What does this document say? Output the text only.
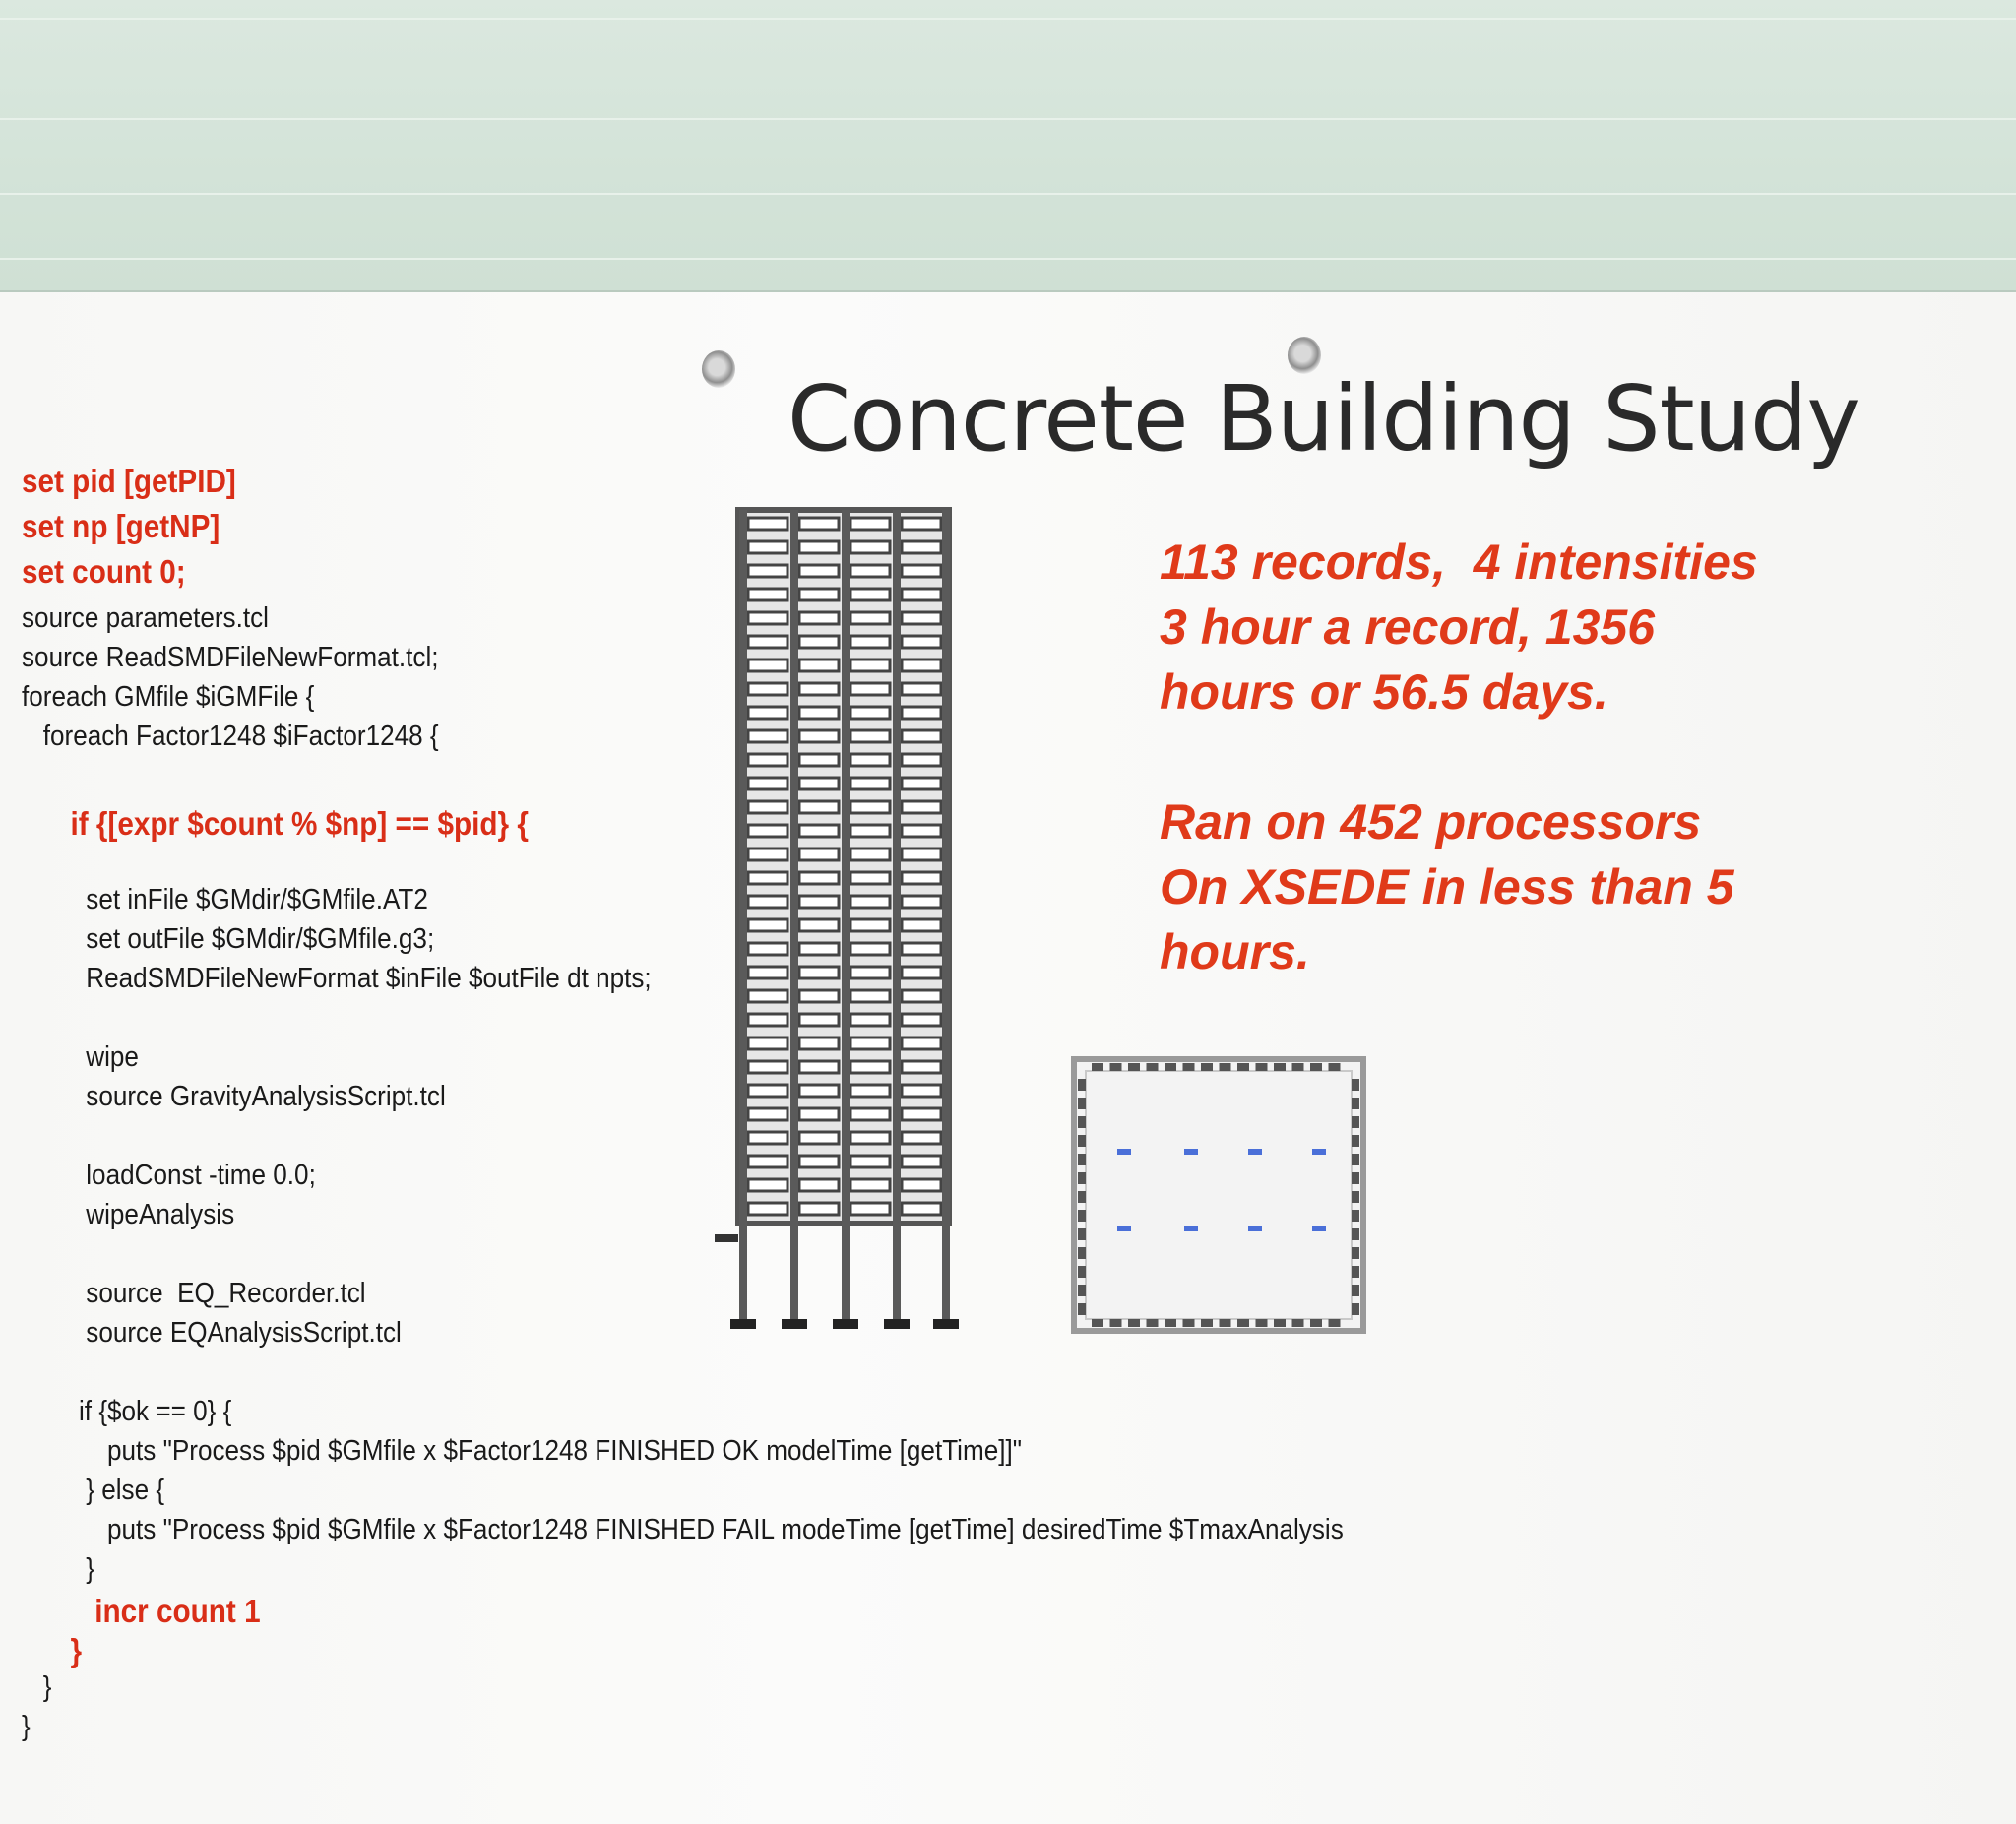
Concrete Building Study
set pid [getPID]
set np [getNP]
set count 0;
source parameters.tcl
source ReadSMDFileNewFormat.tcl;
foreach GMfile $iGMFile {
foreach Factor1248 $iFactor1248 {
if {[expr $count % $np] == $pid} {
set inFile $GMdir/$GMfile.AT2
set outFile $GMdir/$GMfile.g3;
ReadSMDFileNewFormat $inFile $outFile dt npts;
wipe
source GravityAnalysisScript.tcl
loadConst -time 0.0;
wipeAnalysis
source  EQ_Recorder.tcl
source EQAnalysisScript.tcl
if {$ok == 0} {
puts "Process $pid $GMfile x $Factor1248 FINISHED OK modelTime [getTime]]"
} else {
puts "Process $pid $GMfile x $Factor1248 FINISHED FAIL modeTime [getTime] desiredTime $TmaxAnalysis
}
incr count 1
}
}
}

113 records,  4 intensities

3 hour a record, 1356

hours or 56.5 days.

Ran on 452 processors

On XSEDE in less than 5

hours.
